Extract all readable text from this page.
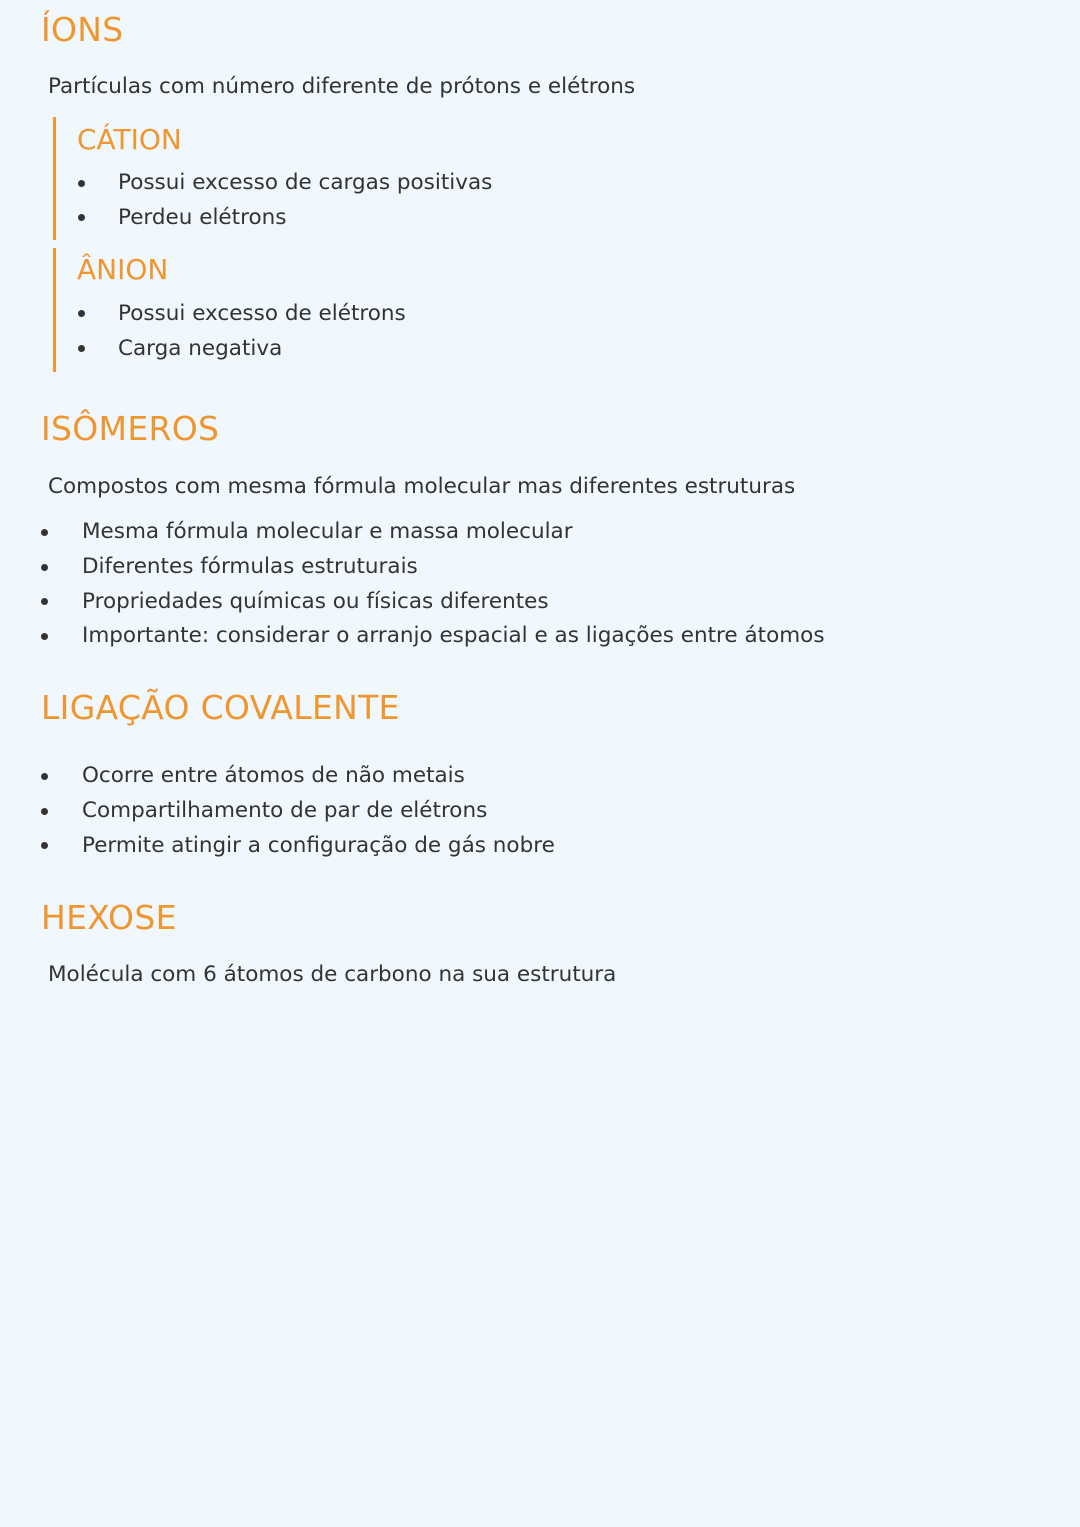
ÍONS
Partículas com número diferente de prótons e elétrons
CÁTION
Possui excesso de cargas positivas
Perdeu elétrons
ÂNION
Possui excesso de elétrons
Carga negativa
ISÔMEROS
Compostos com mesma fórmula molecular mas diferentes estruturas
Mesma fórmula molecular e massa molecular
Diferentes fórmulas estruturais
Propriedades químicas ou físicas diferentes
Importante: considerar o arranjo espacial e as ligações entre átomos
LIGAÇÃO COVALENTE
Ocorre entre átomos de não metais
Compartilhamento de par de elétrons
Permite atingir a configuração de gás nobre
HEXOSE
Molécula com 6 átomos de carbono na sua estrutura
